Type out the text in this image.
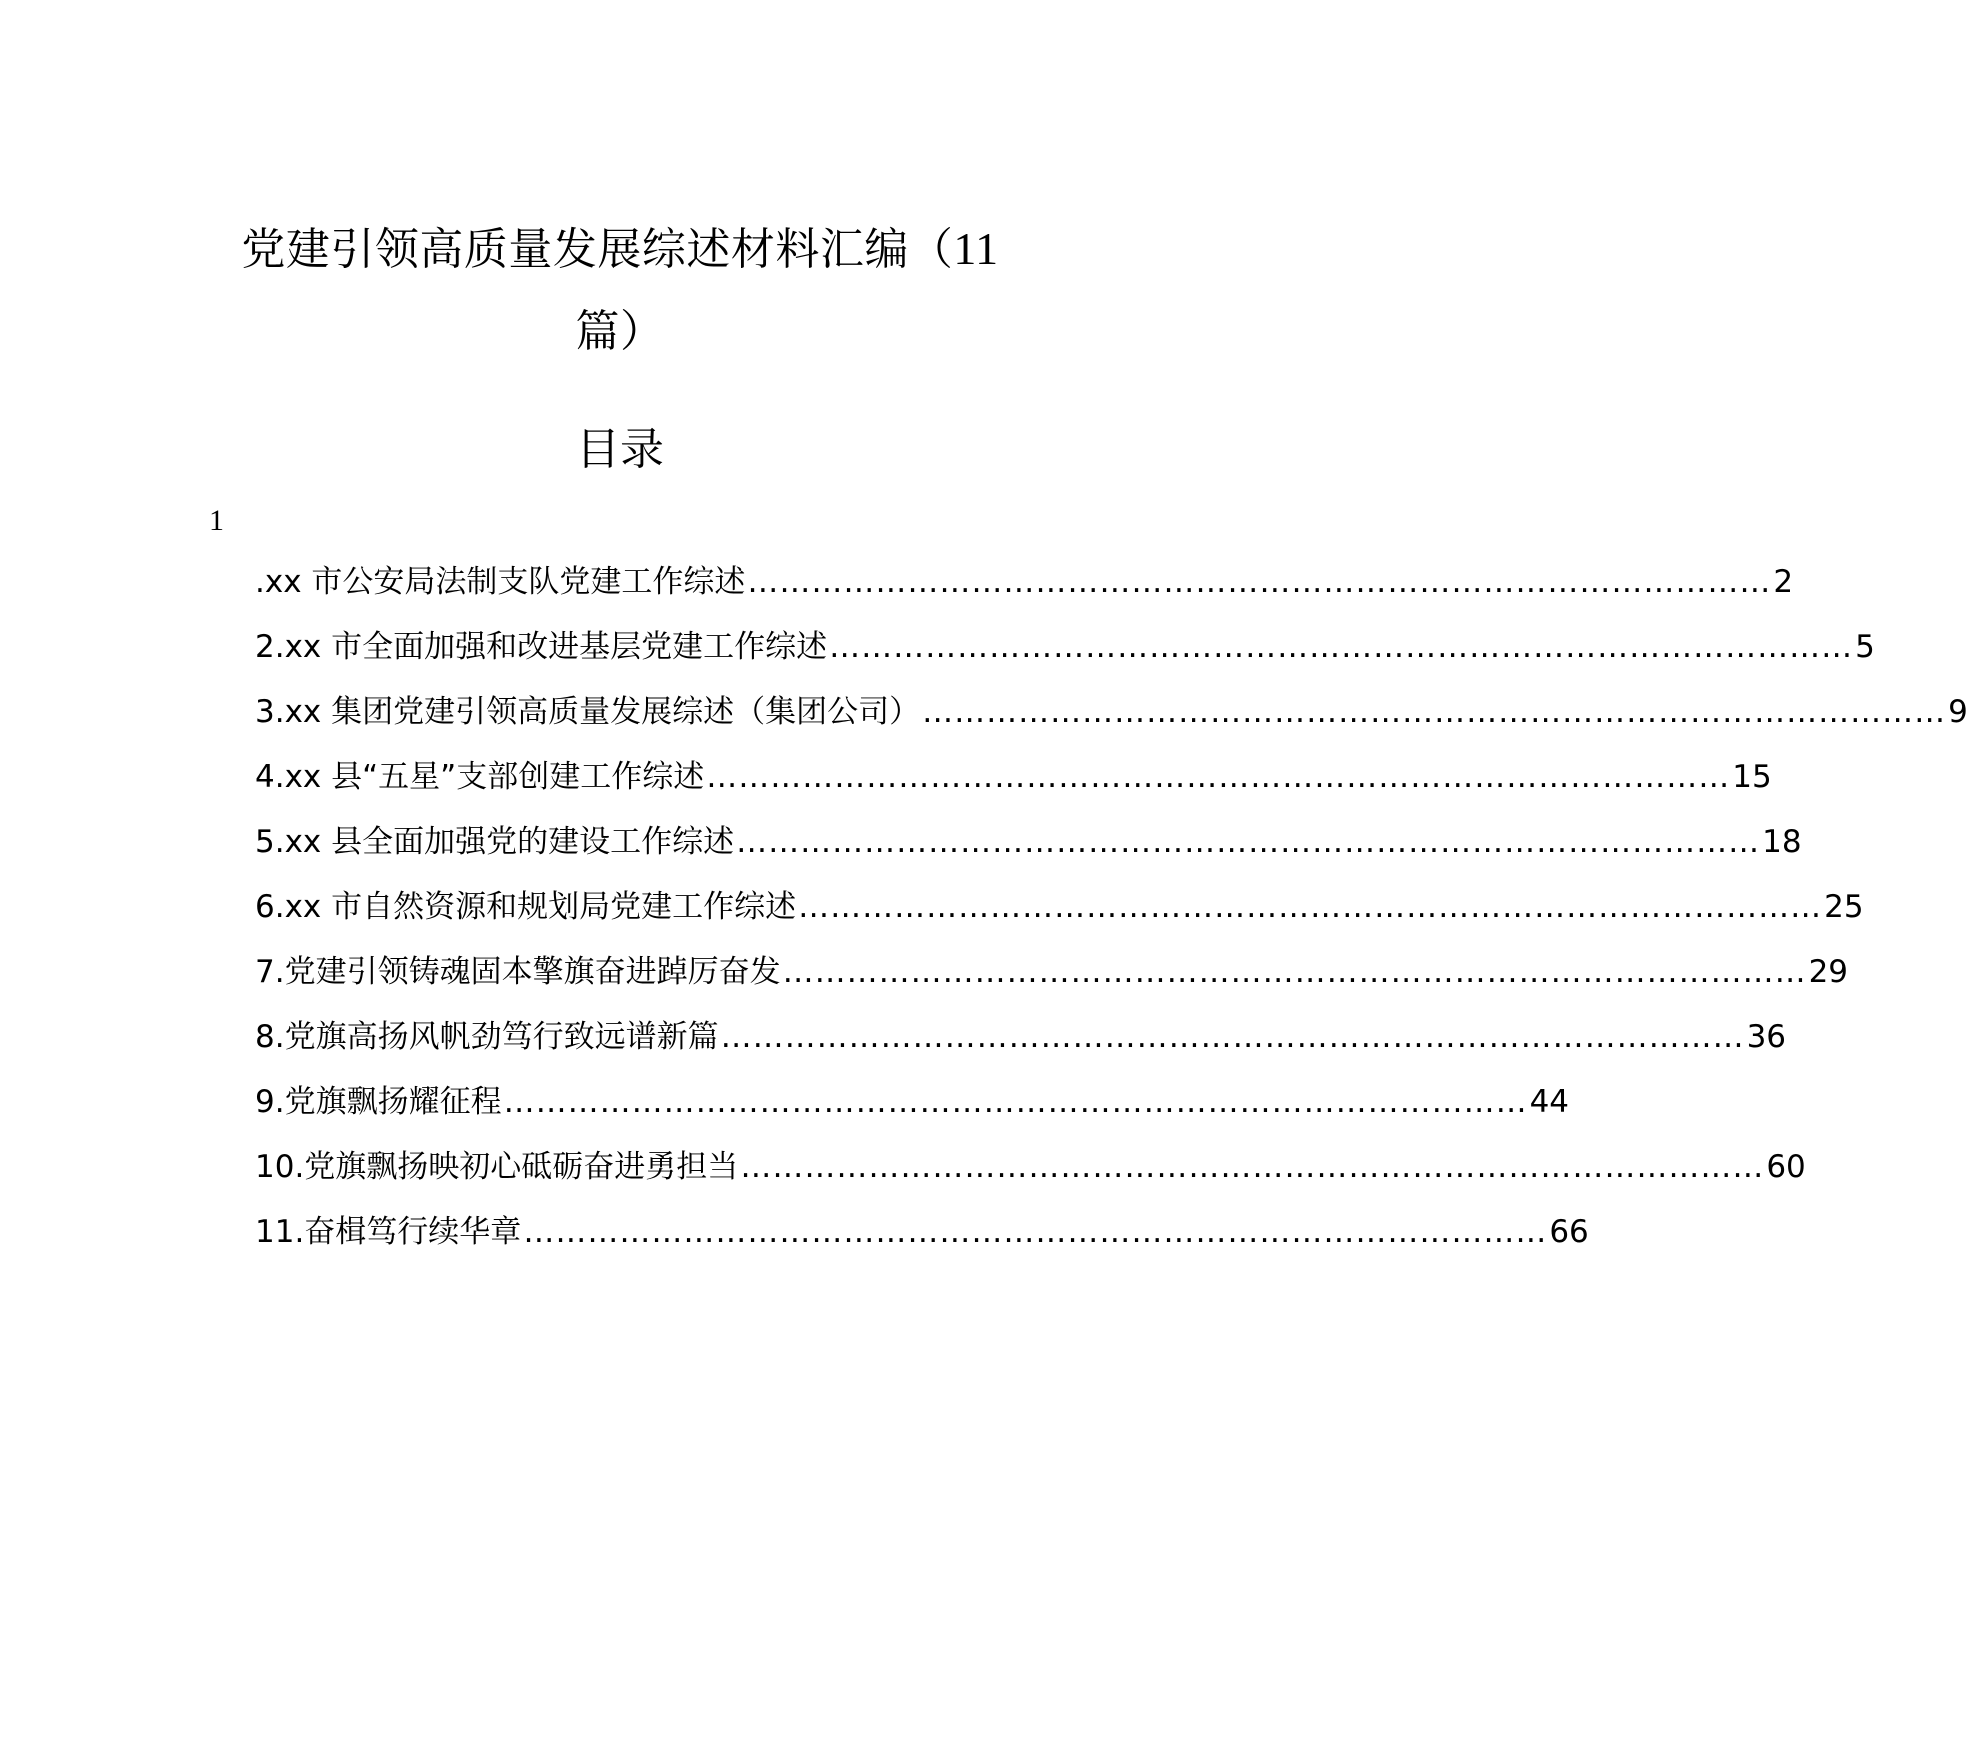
党建引领高质量发展综述材料汇编（11
篇）
目录
1
.xx 市公安局法制支队党建工作综述 …………………………………………………………………………………… 2
2.xx 市全面加强和改进基层党建工作综述 …………………………………………………………………………………… 5
3.xx 集团党建引领高质量发展综述（集团公司） …………………………………………………………………………………… 9
4.xx 县“五星”支部创建工作综述 …………………………………………………………………………………… 15
5.xx 县全面加强党的建设工作综述 …………………………………………………………………………………… 18
6.xx 市自然资源和规划局党建工作综述 …………………………………………………………………………………… 25
7.党建引领铸魂固本擎旗奋进踔厉奋发 …………………………………………………………………………………… 29
8.党旗高扬风帆劲笃行致远谱新篇 …………………………………………………………………………………… 36
9.党旗飘扬耀征程 …………………………………………………………………………………… 44
10.党旗飘扬映初心砥砺奋进勇担当 …………………………………………………………………………………… 60
11.奋楫笃行续华章 …………………………………………………………………………………… 66
